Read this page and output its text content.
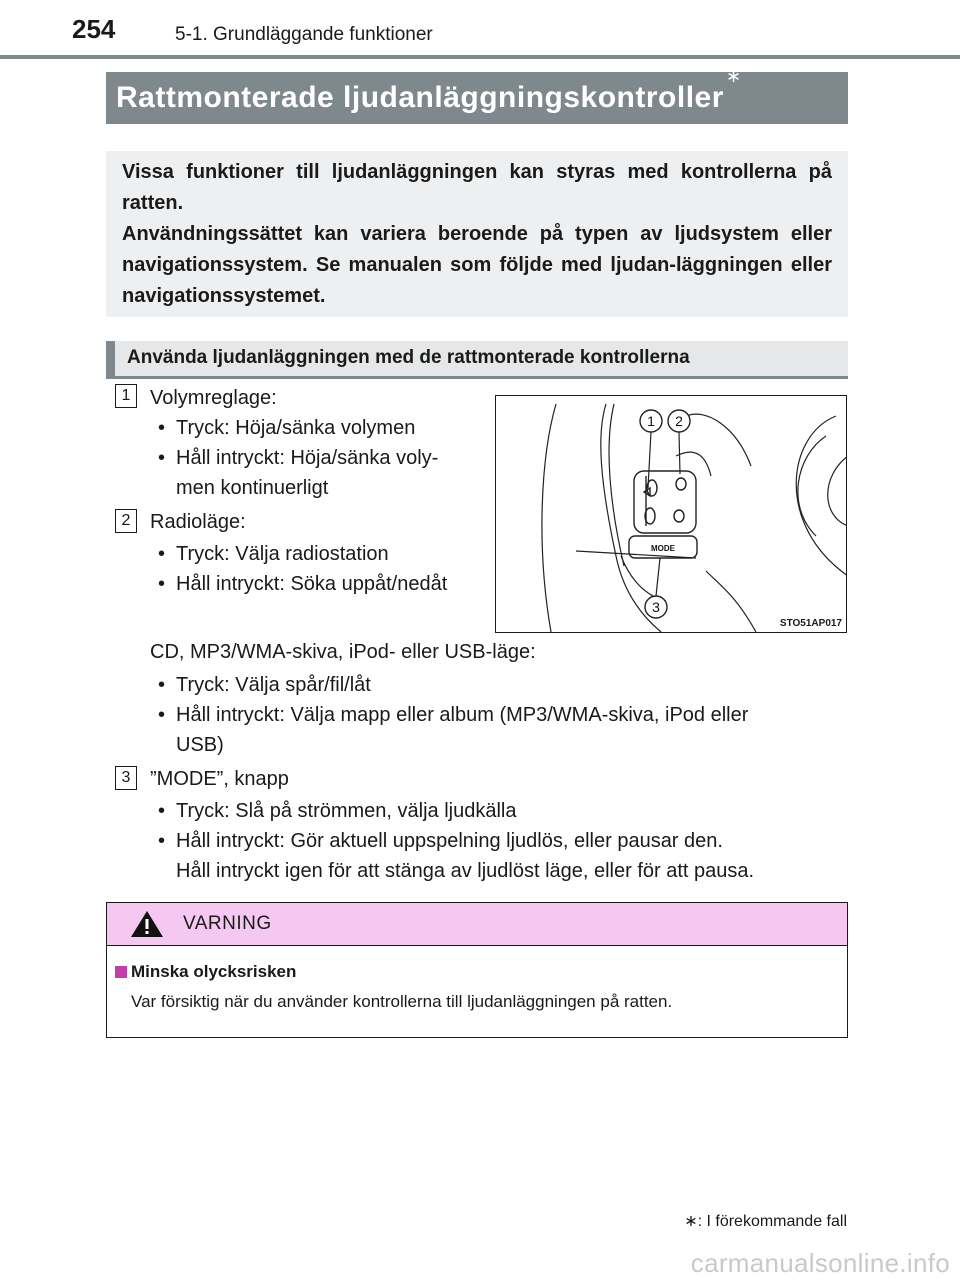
254	5-1. Grundläggande funktioner
Rattmonterade ljudanläggningskontroller∗

Vissa funktioner till ljudanläggningen kan styras med kontrollerna på ratten.

Användningssättet kan variera beroende på typen av ljudsystem eller navigationssystem. Se manualen som följde med ljudan-läggningen eller navigationssystemet.

Använda ljudanläggningen med de rattmonterade kontrollerna
1 Volymreglage:
• Tryck: Höja/sänka volymen
• Håll intryckt: Höja/sänka voly-
men kontinuerligt
2 Radioläge:
• Tryck: Välja radiostation
• Håll intryckt: Söka uppåt/nedåt
CD, MP3/WMA-skiva, iPod- eller USB-läge:
• Tryck: Välja spår/fil/låt
• Håll intryckt: Välja mapp eller album (MP3/WMA-skiva, iPod eller
USB)
3 ”MODE”, knapp
• Tryck: Slå på strömmen, välja ljudkälla
• Håll intryckt: Gör aktuell uppspelning ljudlös, eller pausar den.
Håll intryckt igen för att stänga av ljudlöst läge, eller för att pausa.
1 2
3
MODE
STO51AP017
VARNING
Minska olycksrisken
Var försiktig när du använder kontrollerna till ljudanläggningen på ratten.
∗: I förekommande fall
carmanualsonline.info
